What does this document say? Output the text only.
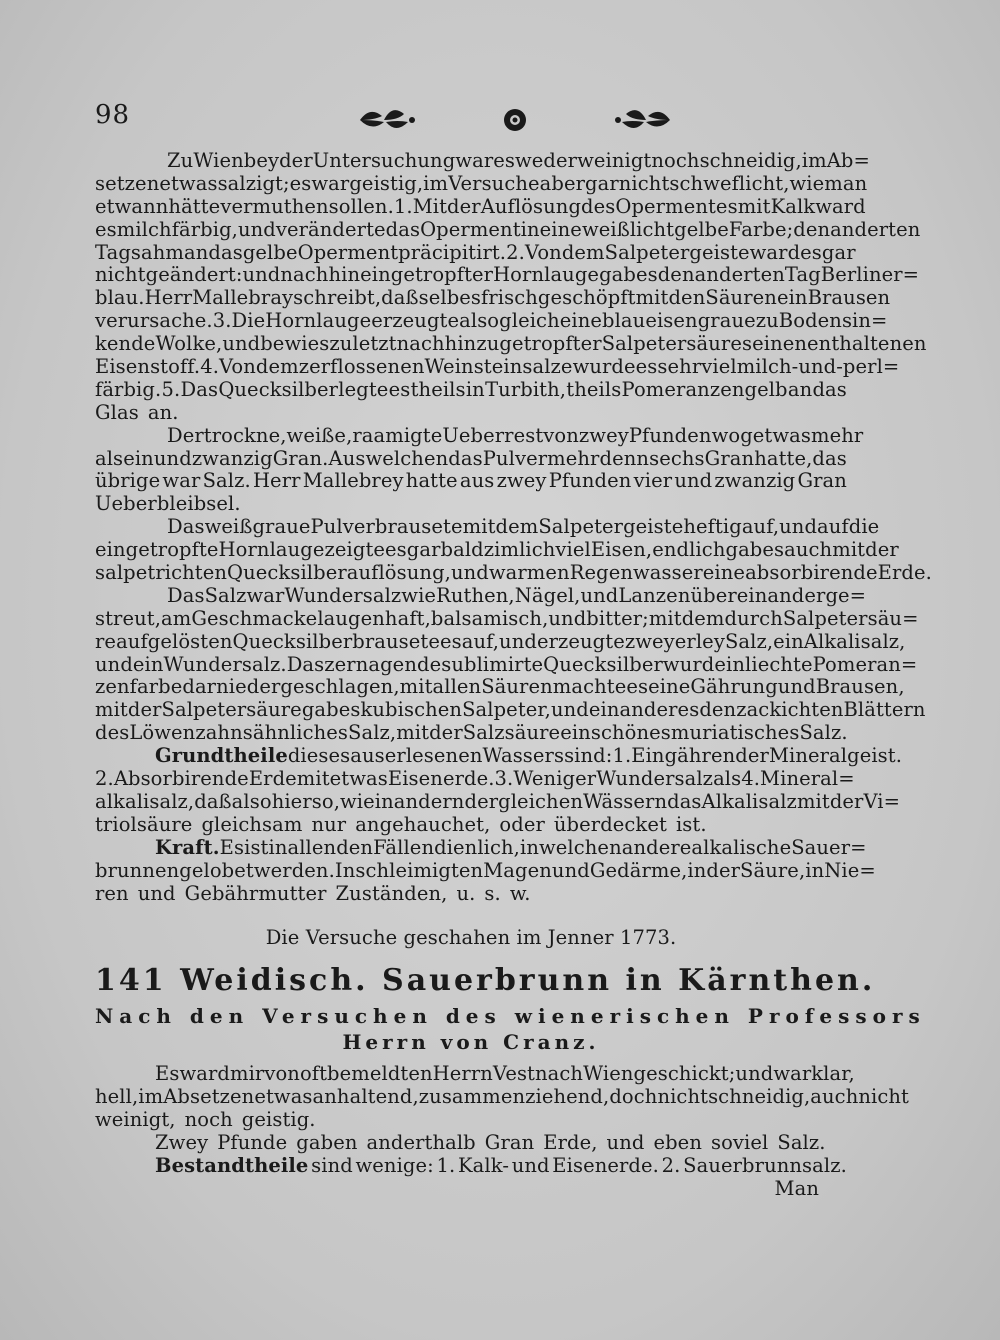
98
Zu Wien bey der Untersuchung war es weder weinigt noch schneidig, im Ab=
setzen etwas salzigt; es war geistig, im Versuche aber gar nicht schweflicht, wie man
etwann hätte vermuthen sollen. 1. Mit der Auflösung des Opermentes mit Kalk ward
es milchfärbig, und veränderte das Operment in eine weißlichtgelbe Farbe; den anderten
Tag sah man das gelbe Operment präcipitirt. 2. Von dem Salpetergeiste ward es gar
nicht geändert: und nach hineingetropfter Hornlauge gab es den anderten Tag Berliner=
blau. Herr Mallebray schreibt, daß selbes frischgeschöpft mit den Säuren ein Brausen
verursache. 3. Die Hornlauge erzeugte alsogleich eine blau eisengraue zu Boden sin=
kende Wolke, und bewies zuletzt nach hinzugetropfter Salpetersäure seinen enthaltenen
Eisenstoff. 4. Von dem zerflossenen Weinsteinsalze wurde es sehr viel milch- und -perl=
färbig. 5. Das Quecksilber legte es theils in Turbith, theils Pomeranzengelb an das
Glas an.
Der trockne, weiße, raamigte Ueberrest von zwey Pfunden wog etwas mehr
als ein und zwanzig Gran. Aus welchen das Pulver mehr denn sechs Gran hatte, das
übrige war Salz. Herr Mallebrey hatte aus zwey Pfunden vier und zwanzig Gran
Ueberbleibsel.
Das weißgraue Pulver brausete mit dem Salpetergeiste heftig auf, und auf die
eingetropfte Hornlauge zeigte es gar bald zimlich viel Eisen, endlich gab es auch mit der
salpetrichten Quecksilberauflösung, und warmen Regenwasser eine absorbirende Erde.
Das Salz war Wundersalz wie Ruthen, Nägel, und Lanzen übereinander ge=
streut, am Geschmacke laugenhaft, balsamisch, und bitter; mit dem durch Salpetersäu=
re aufgelösten Quecksilber brausete es auf, und erzeugte zweyerley Salz, ein Alkalisalz,
und ein Wundersalz. Das zernagende sublimirte Quecksilber wurde in liechte Pomeran=
zenfarbe darniedergeschlagen, mit allen Säuren machte es eine Gährung und Brausen,
mit der Salpetersäure gab es kubischen Salpeter, und ein anderes den zackichten Blättern
des Löwenzahns ähnliches Salz, mit der Salzsäure ein schönes muriatisches Salz.
Grundtheile dieses auserlesenen Wassers sind: 1. Ein gährender Mineralgeist.
2. Absorbirende Erde mit etwas Eisenerde. 3. Weniger Wundersalz als 4. Mineral=
alkalisalz, daß also hier so, wie in andern dergleichen Wässern das Alkalisalz mit der Vi=
triolsäure gleichsam nur angehauchet, oder überdecket ist.
Kraft. Es ist in allen den Fällen dienlich, in welchen andere alkalische Sauer=
brunnen gelobet werden. In schleimigten Magen und Gedärme, in der Säure, in Nie=
ren und Gebährmutter Zuständen, u. s. w.
Die Versuche geschahen im Jenner 1773.
141 Weidisch. Sauerbrunn in Kärnthen.
Nach den Versuchen des wienerischen Professors
Herrn von Cranz.
Es ward mir von oftbemeldten Herrn Vest nach Wien geschickt; und war klar,
hell, im Absetzen etwas anhaltend, zusammenziehend, doch nicht schneidig, auch nicht
weinigt, noch geistig.
Zwey Pfunde gaben anderthalb Gran Erde, und eben soviel Salz.
Bestandtheile sind wenige: 1. Kalk- und Eisenerde. 2. Sauerbrunnsalz.
Man
